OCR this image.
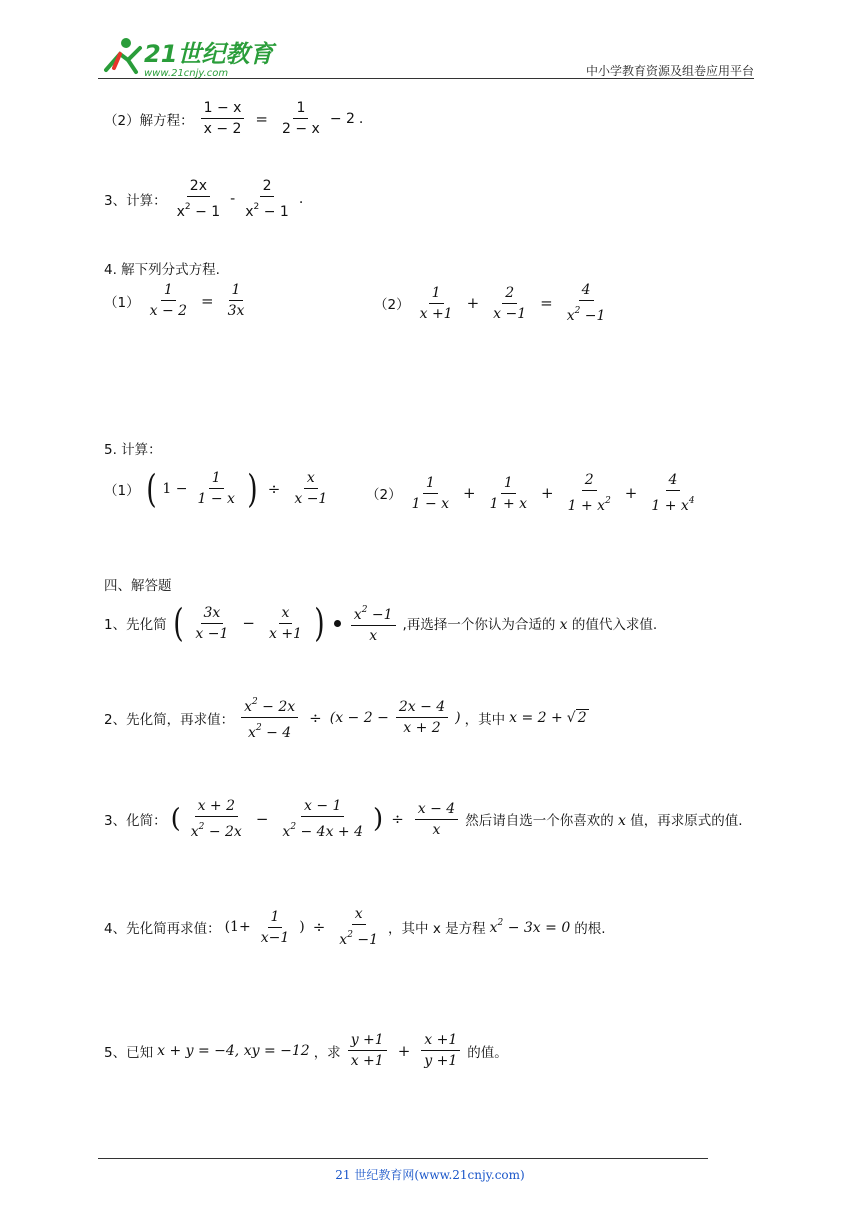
21世纪教育
www.21cnjy.com	中小学教育资源及组卷应用平台
（2）解方程： $\frac{1 - x}{x - 2} = \frac{1}{2 - x} - 2$ .
3、计算： $\frac{2x}{x^2 - 1} - \frac{2}{x^2 - 1}$ .
4. 解下列分式方程.
$(1) \frac{1}{x - 2} = \frac{1}{3x}$	$(2) \frac{1}{x +1} + \frac{2}{x -1} = \frac{4}{x^2 -1}$
5. 计算：
（1） ( $1 - \frac{1}{1 - x}$ ) ÷ $\frac{x}{x -1}$	$(2) \frac{1}{1 - x} + \frac{1}{1 + x} + \frac{2}{1 + x^2} + \frac{4}{1 + x^4}$
四、解答题
1、先化简 ( $\frac{3x}{x -1} - \frac{x}{x +1}$ ) $\frac{x^2 -1}{x}$ ,再选择一个你认为合适的 x 的值代入求值.
2、先化简，再求值： $\frac{x^2 - 2x}{x^2 - 4} \div (x - 2 - \frac{2x - 4}{x + 2}$ ) ，其中 x = 2 + √ 2
3、化简： ( $\frac{x + 2}{x^2 - 2x} - \frac{x - 1}{x^2 - 4x + 4}$ ) ÷ $\frac{x - 4}{x}$ 然后请自选一个你喜欢的 x 值，再求原式的值.
4、先化简再求值： ($1+ \frac{1}{x-1}$ ) ÷ $\frac{x}{x^2 -1}$ ，其中 x 是方程 $x^2 - 3x = 0$ 的根.
5、已知 x + y = −4, xy = −12 ，求 $\frac{y +1}{x +1} + \frac{x +1}{y +1}$ 的值。
21 世纪教育网(www.21cnjy.com)
